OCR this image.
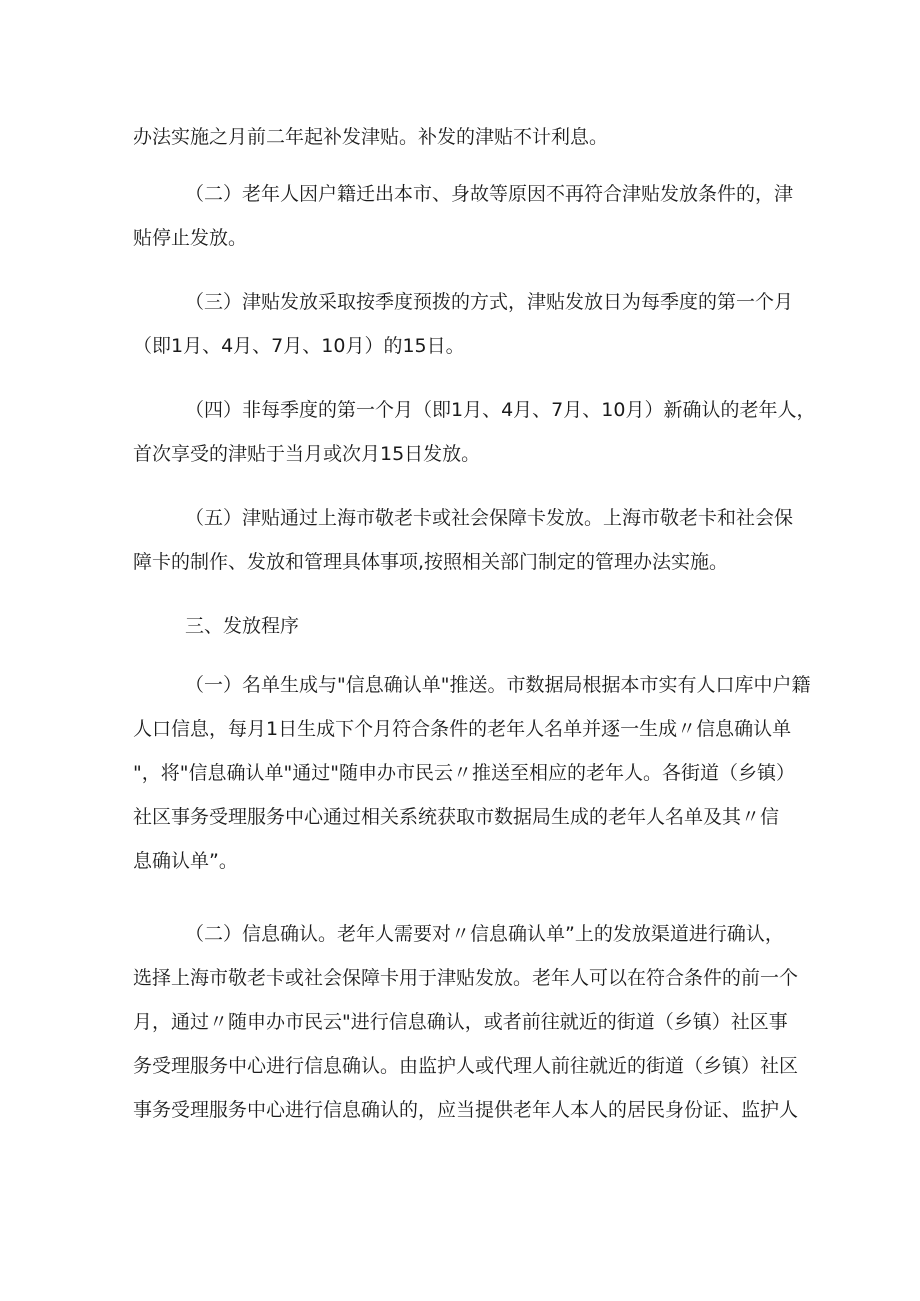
办法实施之月前二年起补发津贴。补发的津贴不计利息。

（二）老年人因户籍迁出本市、身故等原因不再符合津贴发放条件的，津
贴停止发放。

（三）津贴发放采取按季度预拨的方式，津贴发放日为每季度的第一个月
（即1月、4月、7月、10月）的15日。

（四）非每季度的第一个月（即1月、4月、7月、10月）新确认的老年人，
首次享受的津贴于当月或次月15日发放。

（五）津贴通过上海市敬老卡或社会保障卡发放。上海市敬老卡和社会保
障卡的制作、发放和管理具体事项,按照相关部门制定的管理办法实施。

三、发放程序

（一）名单生成与"信息确认单"推送。市数据局根据本市实有人口库中户籍
人口信息，每月1日生成下个月符合条件的老年人名单并逐一生成〃信息确认单
"，将"信息确认单"通过"随申办市民云〃推送至相应的老年人。各街道（乡镇）
社区事务受理服务中心通过相关系统获取市数据局生成的老年人名单及其〃信
息确认单”。

（二）信息确认。老年人需要对〃信息确认单”上的发放渠道进行确认，
选择上海市敬老卡或社会保障卡用于津贴发放。老年人可以在符合条件的前一个
月，通过〃随申办市民云"进行信息确认，或者前往就近的街道（乡镇）社区事
务受理服务中心进行信息确认。由监护人或代理人前往就近的街道（乡镇）社区
事务受理服务中心进行信息确认的，应当提供老年人本人的居民身份证、监护人
